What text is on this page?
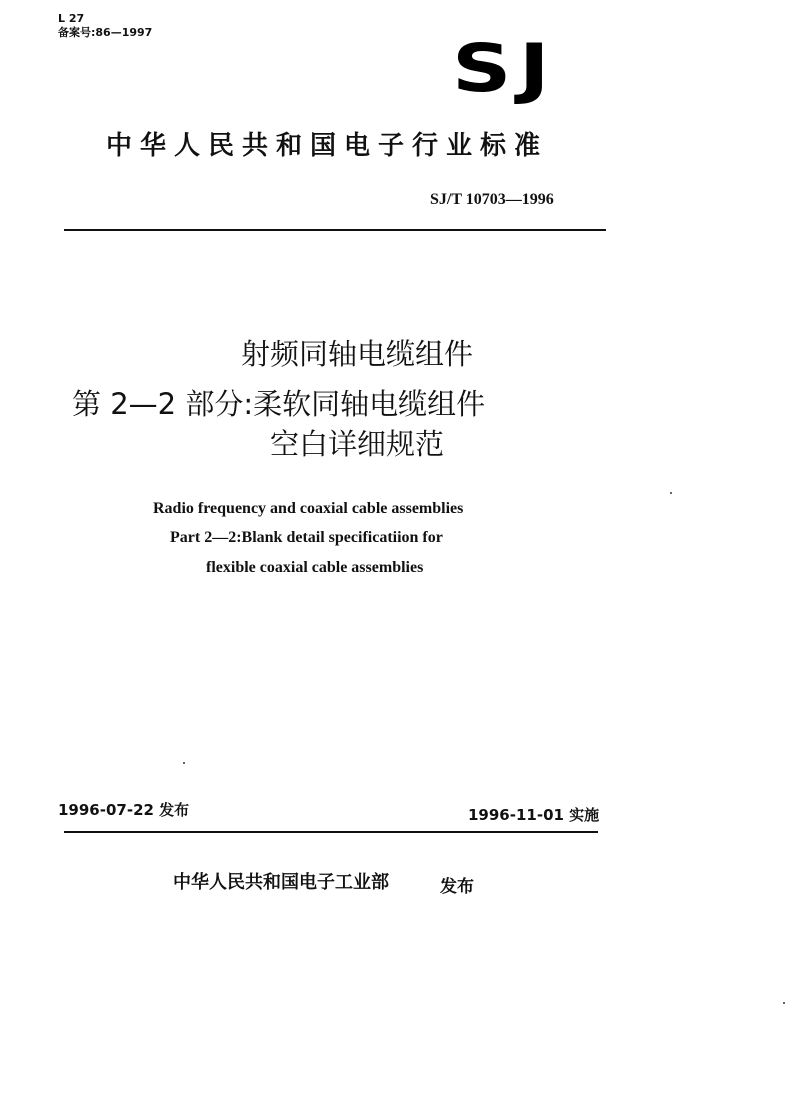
L 27
备案号:86—1997	SJ
中华人民共和国电子行业标准
SJ/T 10703—1996
射频同轴电缆组件
第 2—2 部分:柔软同轴电缆组件
空白详细规范
Radio frequency and coaxial cable assemblies
Part 2—2:Blank detail specificatiion for
flexible coaxial cable assemblies
1996-07-22 发布	1996-11-01 实施
中华人民共和国电子工业部	发布
